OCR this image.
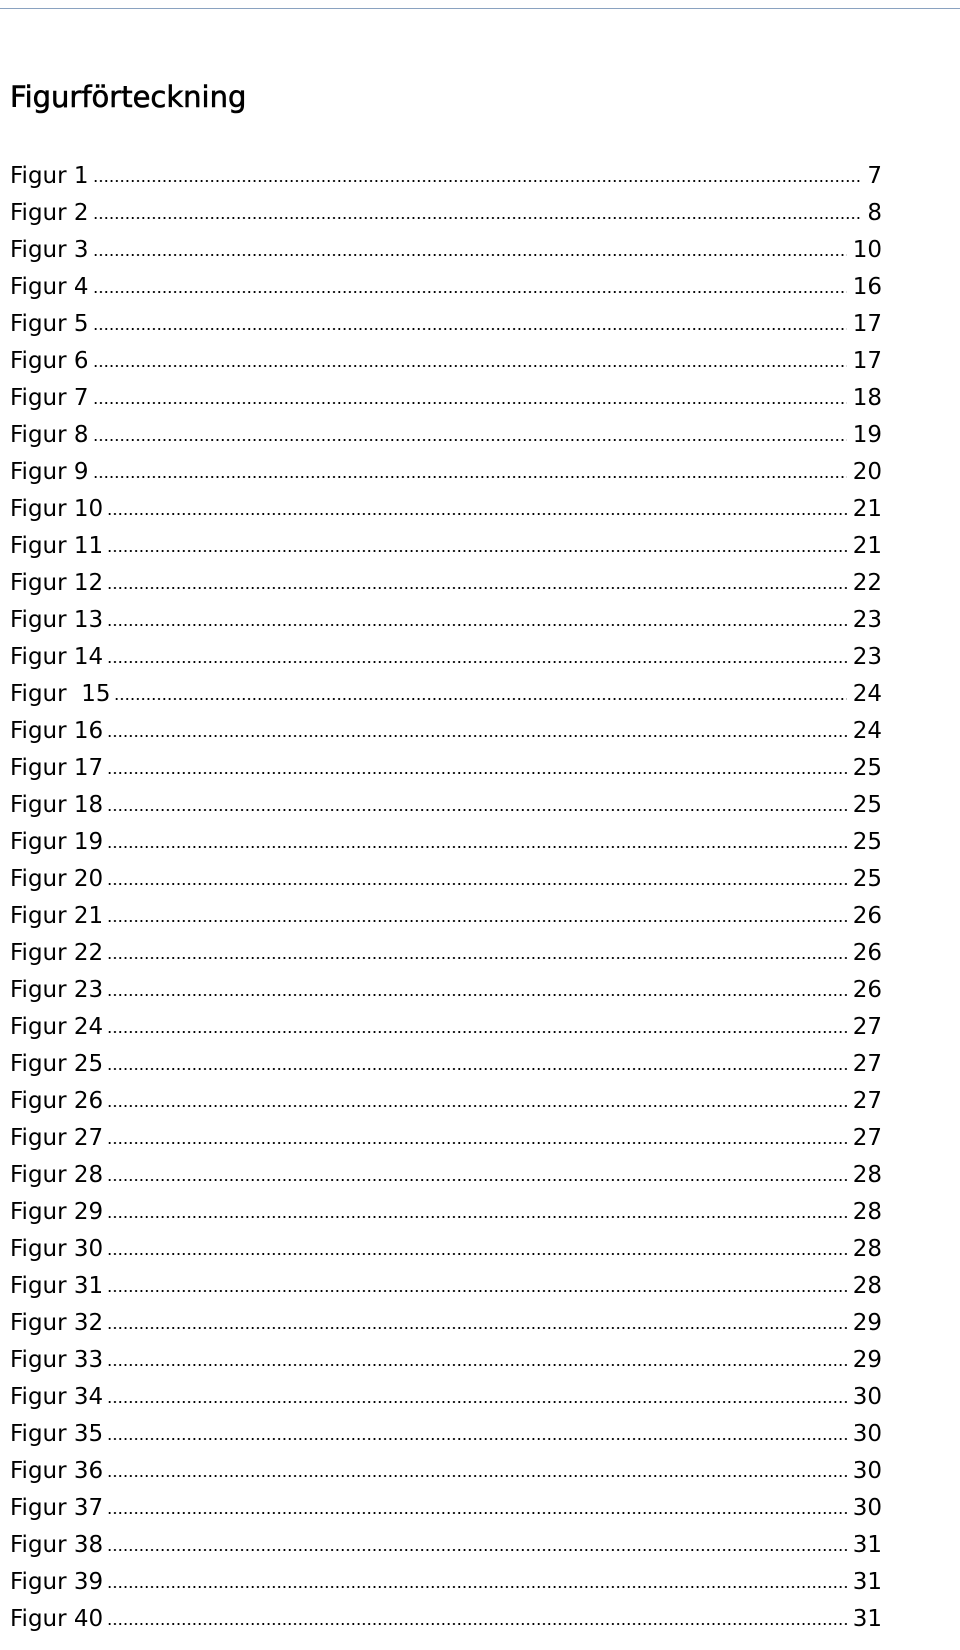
Figurförteckning
Figur 1	7
Figur 2	8
Figur 3	10
Figur 4	16
Figur 5	17
Figur 6	17
Figur 7	18
Figur 8	19
Figur 9	20
Figur 10	21
Figur 11	21
Figur 12	22
Figur 13	23
Figur 14	23
Figur  15	24
Figur 16	24
Figur 17	25
Figur 18	25
Figur 19	25
Figur 20	25
Figur 21	26
Figur 22	26
Figur 23	26
Figur 24	27
Figur 25	27
Figur 26	27
Figur 27	27
Figur 28	28
Figur 29	28
Figur 30	28
Figur 31	28
Figur 32	29
Figur 33	29
Figur 34	30
Figur 35	30
Figur 36	30
Figur 37	30
Figur 38	31
Figur 39	31
Figur 40	31
